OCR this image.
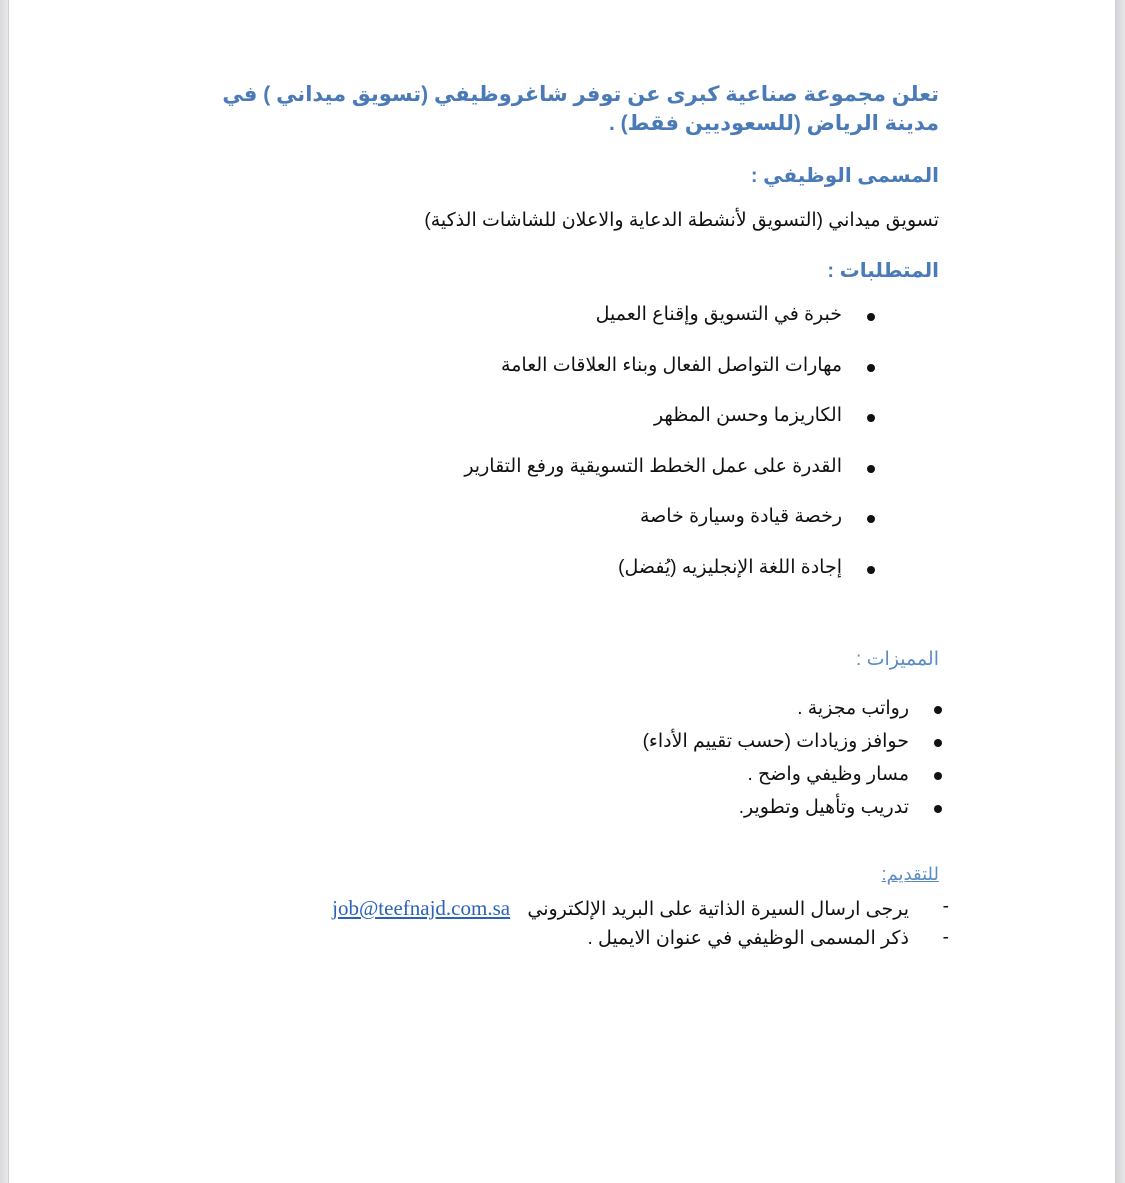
تعلن مجموعة صناعية كبرى عن توفر شاغروظيفي (تسويق ميداني ) في مدينة الرياض (للسعوديين فقط) .
المسمى الوظيفي :
تسويق ميداني (التسويق لأنشطة الدعاية والاعلان للشاشات الذكية)
المتطلبات :
خبرة في التسويق وإقناع العميل
مهارات التواصل الفعال وبناء العلاقات العامة
الكاريزما وحسن المظهر
القدرة على عمل الخطط التسويقية ورفع التقارير
رخصة قيادة وسيارة خاصة
إجادة اللغة الإنجليزيه (يُفضل)
المميزات :
رواتب مجزية .
حوافز وزيادات (حسب تقييم الأداء)
مسار وظيفي واضح .
تدريب وتأهيل وتطوير.
للتقديم:
-
يرجى ارسال السيرة الذاتية على البريد الإلكتروني job@teefnajd.com.sa
-
ذكر المسمى الوظيفي في عنوان الايميل .
